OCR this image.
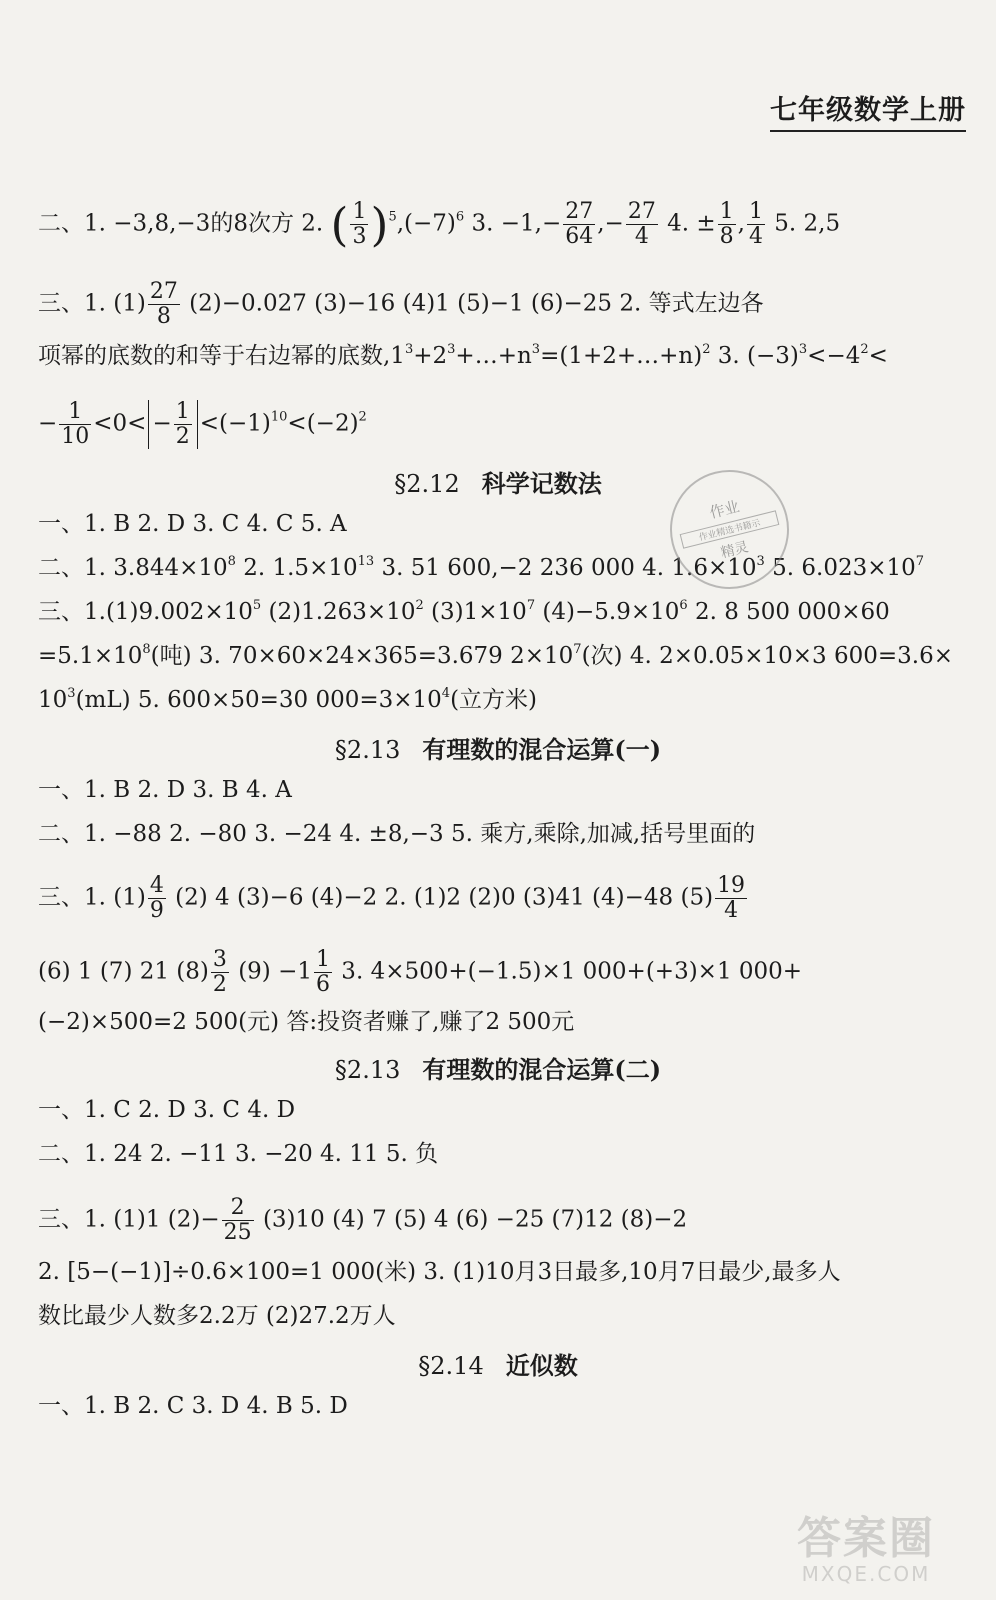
七年级数学上册
二、1. −3,8,−3的8次方 2. ( $\frac{1}{3} )^5,(-7)^6$ 3. $-1,- \frac{27}{64}$ ,− $\frac{27}{4} 4$. ± $\frac{1}{8}$ , $\frac{1}{4} 5$. 2,5
三、1. $(1) \frac{27}{8} (2)-0.027$ (3)−16 (4)1 (5)−1 (6)−25 2. 等式左边各
项幂的底数的和等于右边幂的底数$,1^3+2^3+\dots+n^3=(1+2+\dots+n)^2$ 3. $(-3)^3<-4^2<$
− $\frac{1}{10} <0< - \frac{1}{2} <(-1)^{10}<(-2)^2$
§2.12 科学记数法
一、1. B 2. D 3. C 4. C 5. A
二、1. $3.844\times 10^8$ 2. $1.5\times 10^{13}$ 3. 51 600,−2 236 000 4. $1.6\times 10^3$ 5. $6.023\times 10^7$
三、$1.(1)9.002\times 10^5$ $(2)1.263\times 10^2$ $(3)1\times 10^7$ $(4)-5.9\times 10^6$ 2. 8 500 000×60
$=5.1\times 10^8$(吨) 3. 70×60×24×365=3.679 $2\times 10^7$(次) 4. 2×0.05×10×3 600=3.6×
$10^3(mL)$ 5. 600×50=30 $000=3\times 10^4$(立方米)
§2.13 有理数的混合运算(一)
一、1. B 2. D 3. B 4. A
二、1. −88 2. −80 3. −24 4. ±8,−3 5. 乘方,乘除,加减,括号里面的
三、1. $(1) \frac{4}{9} (2)$ 4 (3)−6 (4)−2 2. (1)2 (2)0 (3)41 (4)−48 $(5) \frac{19}{4}$
(6) 1 (7) 21 $(8) \frac{3}{2} (9) -1 \frac{1}{6} 3$. 4×500+(−1.5)×1 000+(+3)×1 000+
(−2)×500=2 500(元) 答:投资者赚了,赚了2 500元
§2.13 有理数的混合运算(二)
一、1. C 2. D 3. C 4. D
二、1. 24 2. −11 3. −20 4. 11 5. 负
三、1. (1)1 $(2)- \frac{2}{25} (3)10$ (4) 7 (5) 4 (6) −25 (7)12 (8)−2
2. [5−(−1)]÷0.6×100=1 000(米) 3. (1)10月3日最多,10月7日最少,最多人
数比最少人数多2.2万 (2)27.2万人
§2.14 近似数
一、1. B 2. C 3. D 4. B 5. D
作业
作业精选书籍示
精灵
答案圈
MXQE.COM
